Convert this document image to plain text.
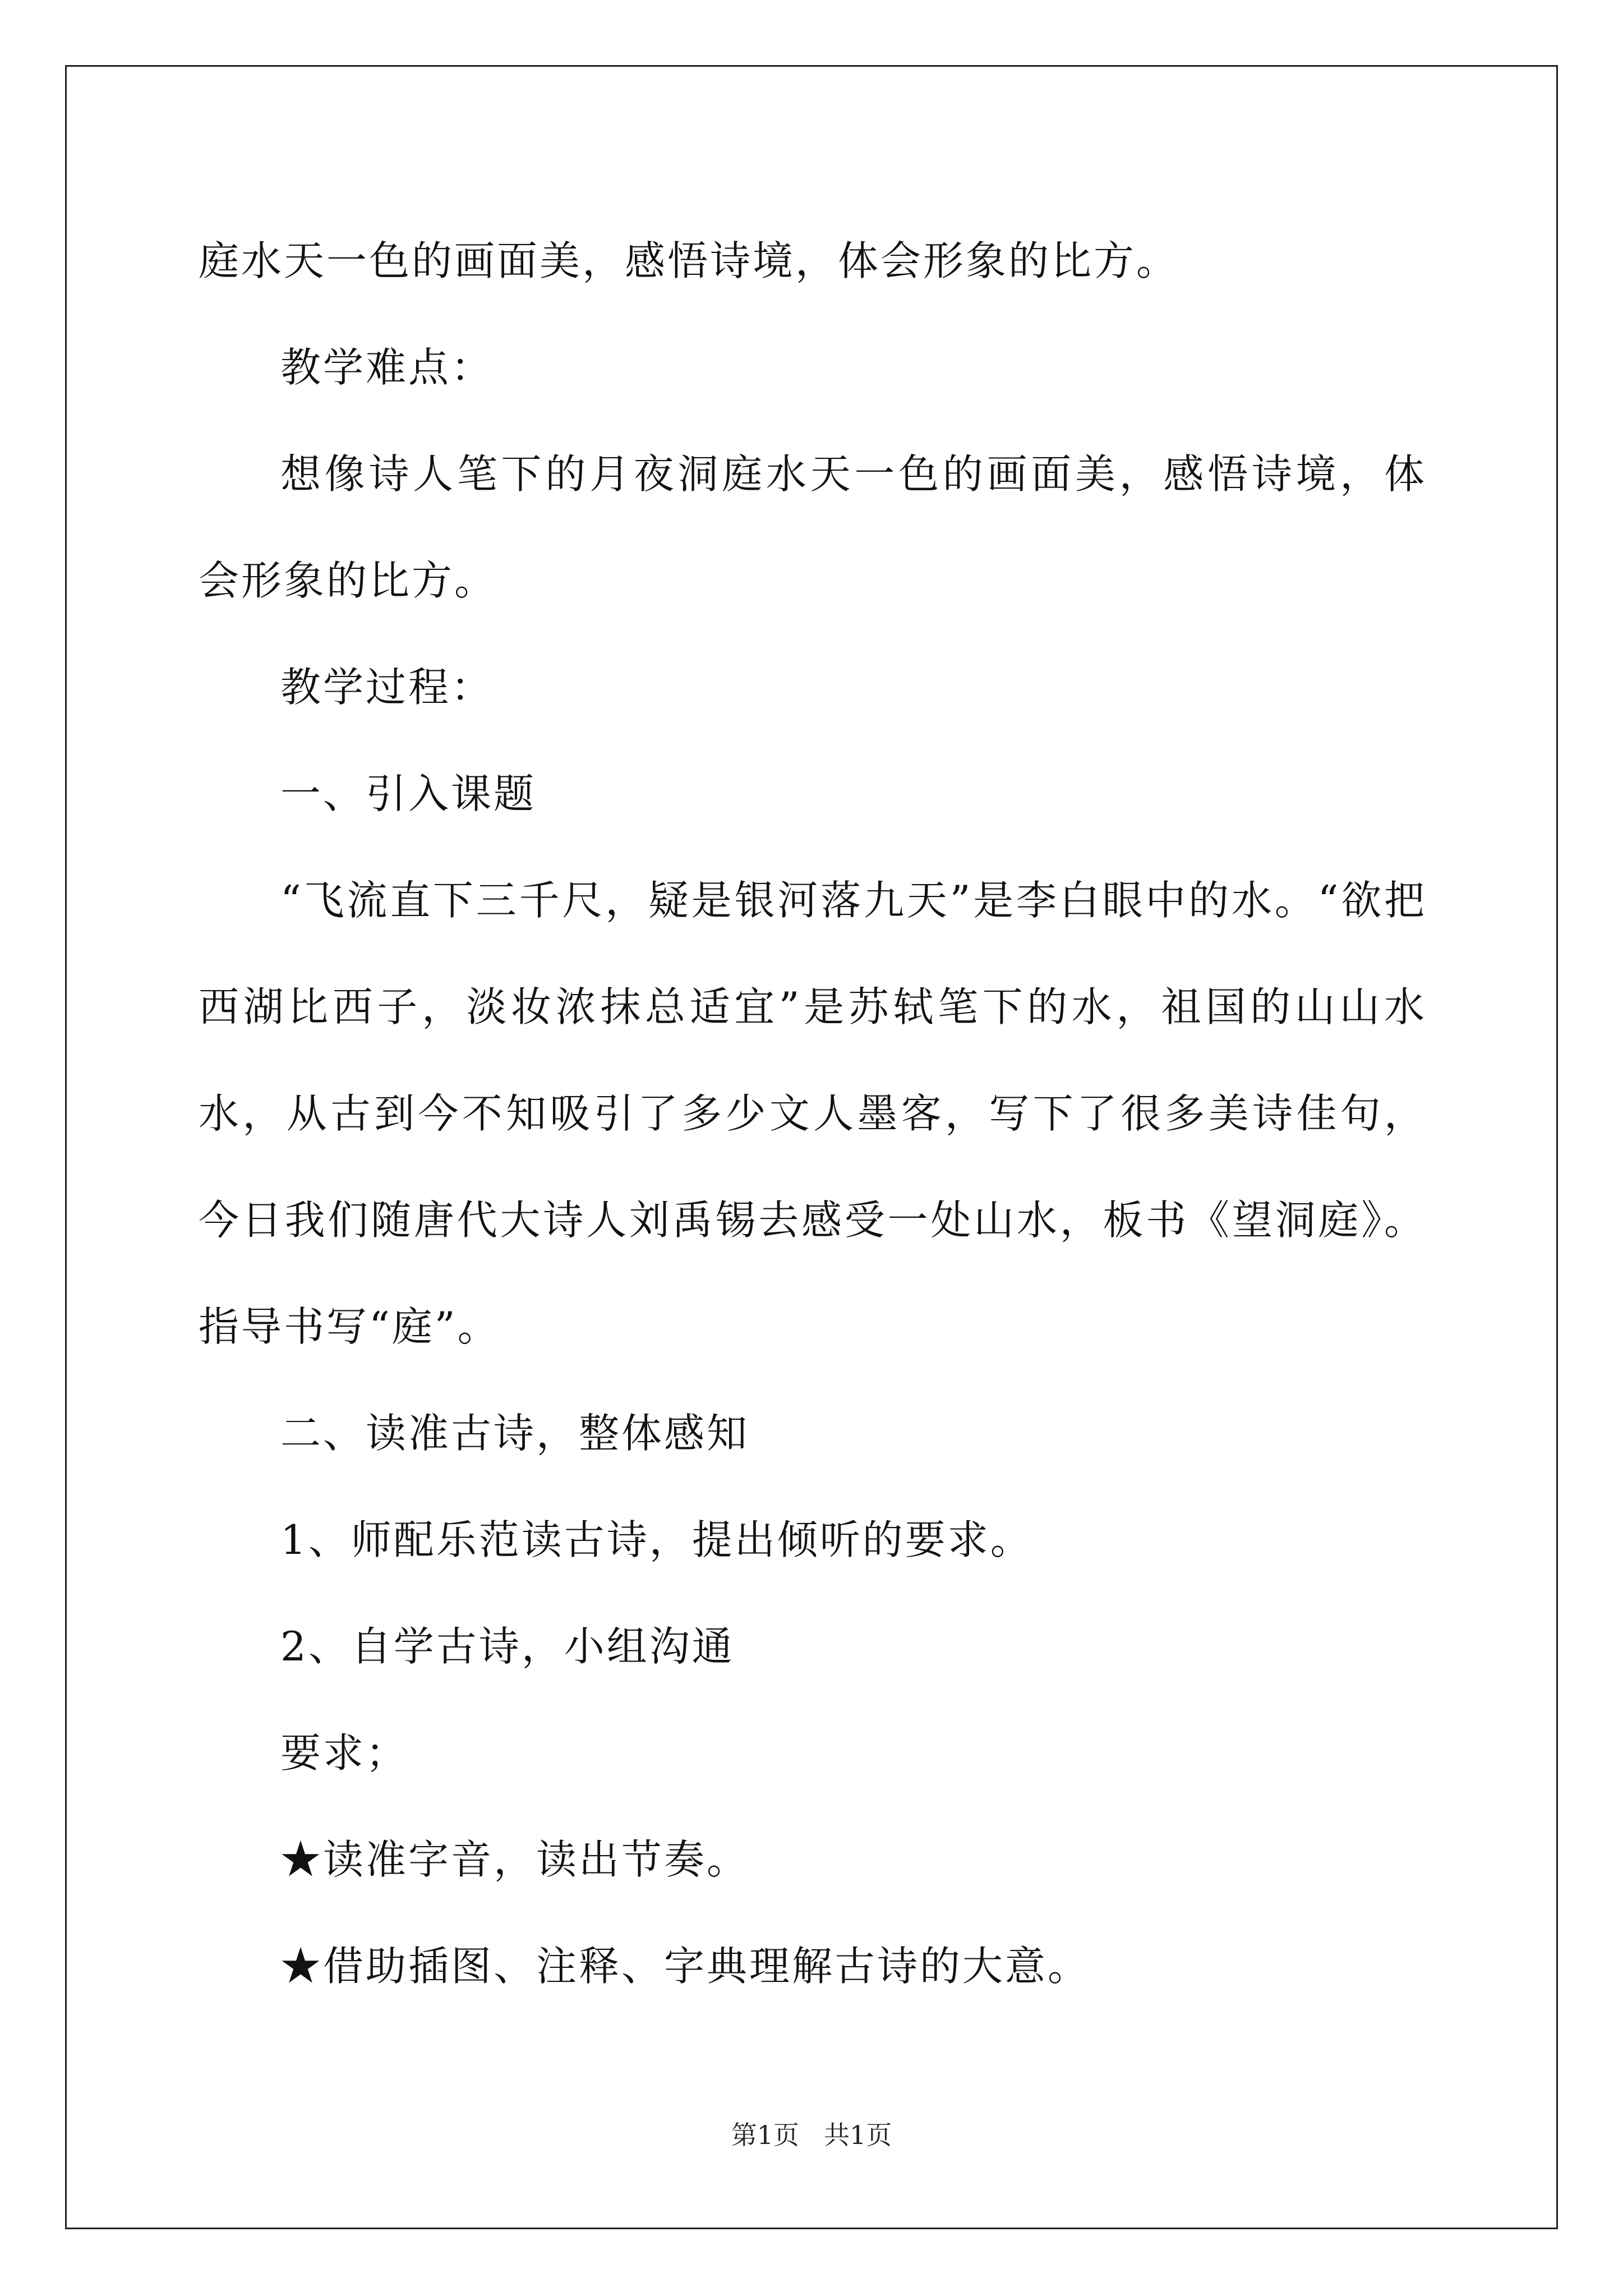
庭水天一色的画面美，感悟诗境，体会形象的比方。

教学难点：

想像诗人笔下的月夜洞庭水天一色的画面美，感悟诗境，体会形象的比方。

教学过程：

一、引入课题

“飞流直下三千尺，疑是银河落九天”是李白眼中的水。“欲把西湖比西子，淡妆浓抹总适宜”是苏轼笔下的水，祖国的山山水水，从古到今不知吸引了多少文人墨客，写下了很多美诗佳句，今日我们随唐代大诗人刘禹锡去感受一处山水，板书《望洞庭》。指导书写“庭”。

二、读准古诗，整体感知

1、师配乐范读古诗，提出倾听的要求。

2、自学古诗，小组沟通

要求；

★读准字音，读出节奏。

★借助插图、注释、字典理解古诗的大意。

第1页 共1页
